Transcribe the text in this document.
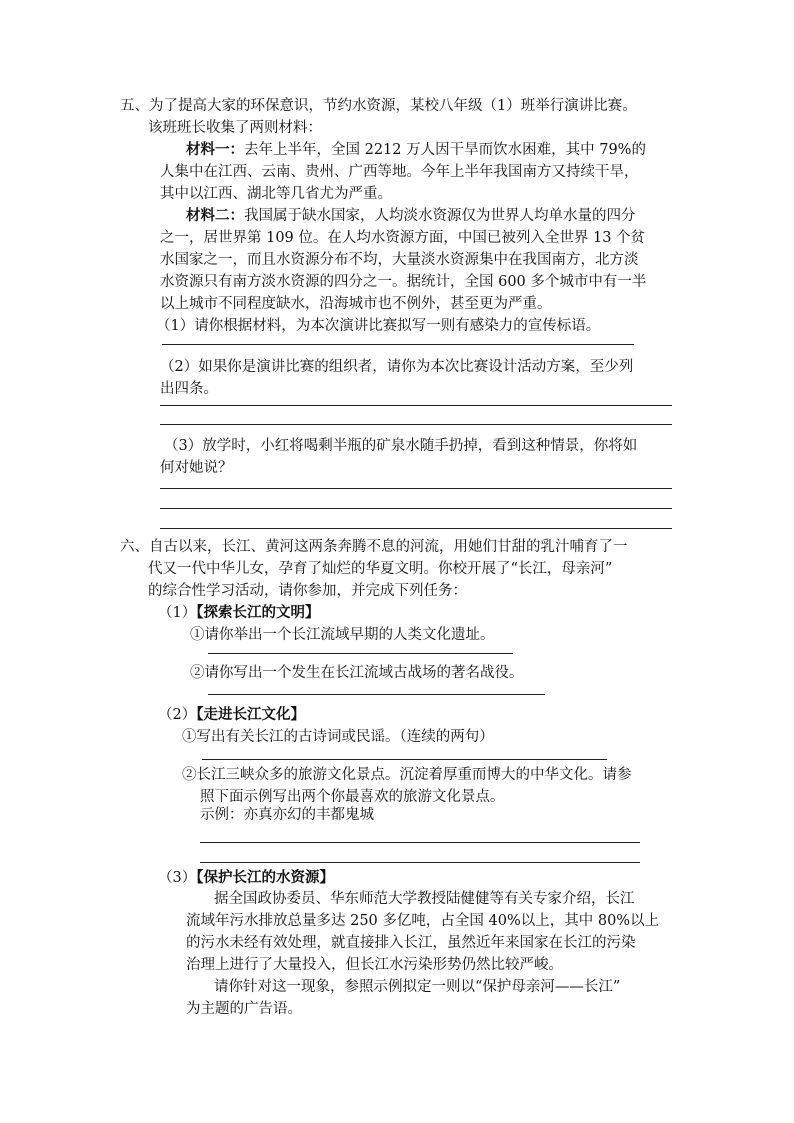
五、为了提高大家的环保意识，节约水资源，某校八年级（1）班举行演讲比赛。
该班班长收集了两则材料：
材料一：去年上半年，全国 2212 万人因干旱而饮水困难，其中 79%的
人集中在江西、云南、贵州、广西等地。今年上半年我国南方又持续干旱，
其中以江西、湖北等几省尤为严重。
材料二：我国属于缺水国家，人均淡水资源仅为世界人均单水量的四分
之一，居世界第 109 位。在人均水资源方面，中国已被列入全世界 13 个贫
水国家之一，而且水资源分布不均，大量淡水资源集中在我国南方，北方淡
水资源只有南方淡水资源的四分之一。据统计，全国 600 多个城市中有一半
以上城市不同程度缺水，沿海城市也不例外，甚至更为严重。
（1）请你根据材料，为本次演讲比赛拟写一则有感染力的宣传标语。
（2）如果你是演讲比赛的组织者，请你为本次比赛设计活动方案，至少列
出四条。
（3）放学时，小红将喝剩半瓶的矿泉水随手扔掉，看到这种情景，你将如
何对她说？
六、自古以来，长江、黄河这两条奔腾不息的河流，用她们甘甜的乳汁哺育了一
代又一代中华儿女，孕育了灿烂的华夏文明。你校开展了“长江，母亲河”
的综合性学习活动，请你参加，并完成下列任务：
（1）【探索长江的文明】
①请你举出一个长江流域早期的人类文化遗址。
②请你写出一个发生在长江流域古战场的著名战役。
（2）【走进长江文化】
①写出有关长江的古诗词或民谣。（连续的两句）
②长江三峡众多的旅游文化景点。沉淀着厚重而博大的中华文化。请参
照下面示例写出两个你最喜欢的旅游文化景点。
示例：亦真亦幻的丰都鬼城
（3）【保护长江的水资源】
据全国政协委员、华东师范大学教授陆健健等有关专家介绍，长江
流域年污水排放总量多达 250 多亿吨，占全国 40%以上，其中 80%以上
的污水未经有效处理，就直接排入长江，虽然近年来国家在长江的污染
治理上进行了大量投入，但长江水污染形势仍然比较严峻。
请你针对这一现象，参照示例拟定一则以“保护母亲河——长江”
为主题的广告语。
